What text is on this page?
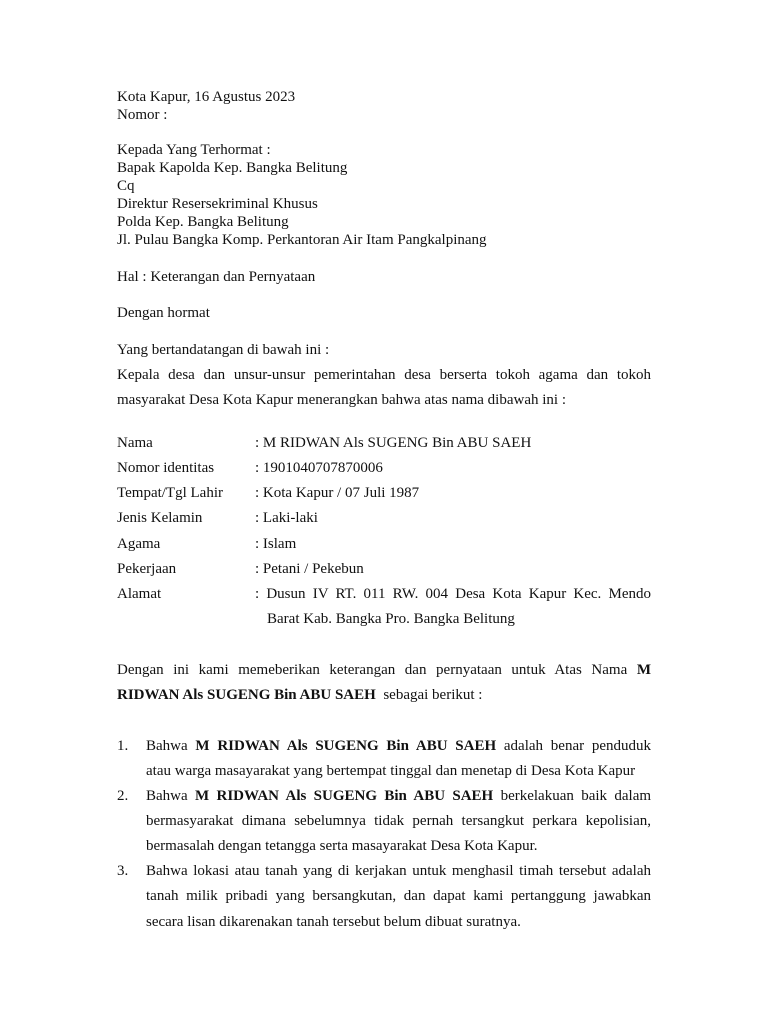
Kota Kapur, 16 Agustus 2023
Nomor :
Kepada Yang Terhormat :
Bapak Kapolda Kep. Bangka Belitung
Cq
Direktur Resersekriminal Khusus
Polda Kep. Bangka Belitung
Jl. Pulau Bangka Komp. Perkantoran Air Itam Pangkalpinang
Hal : Keterangan dan Pernyataan
Dengan hormat
Yang bertandatangan di bawah ini :
Kepala desa dan unsur-unsur pemerintahan desa berserta tokoh agama dan tokoh
masyarakat Desa Kota Kapur menerangkan bahwa atas nama dibawah ini :
Nama	: M RIDWAN Als SUGENG Bin ABU SAEH
Nomor identitas	: 1901040707870006
Tempat/Tgl Lahir : Kota Kapur / 07 Juli 1987
Jenis Kelamin	: Laki-laki
Agama	: Islam
Pekerjaan	: Petani / Pekebun
Alamat	: Dusun IV RT. 011 RW. 004 Desa Kota Kapur Kec. Mendo
Barat Kab. Bangka Pro. Bangka Belitung
Dengan ini kami memeberikan keterangan dan pernyataan untuk Atas Nama M
RIDWAN Als SUGENG Bin ABU SAEH sebagai berikut :
1. Bahwa M RIDWAN Als SUGENG Bin ABU SAEH adalah benar penduduk
atau warga masayarakat yang bertempat tinggal dan menetap di Desa Kota Kapur
2. Bahwa M RIDWAN Als SUGENG Bin ABU SAEH berkelakuan baik dalam
bermasyarakat dimana sebelumnya tidak pernah tersangkut perkara kepolisian,
bermasalah dengan tetangga serta masayarakat Desa Kota Kapur.
3. Bahwa lokasi atau tanah yang di kerjakan untuk menghasil timah tersebut adalah
tanah milik pribadi yang bersangkutan, dan dapat kami pertanggung jawabkan
secara lisan dikarenakan tanah tersebut belum dibuat suratnya.
